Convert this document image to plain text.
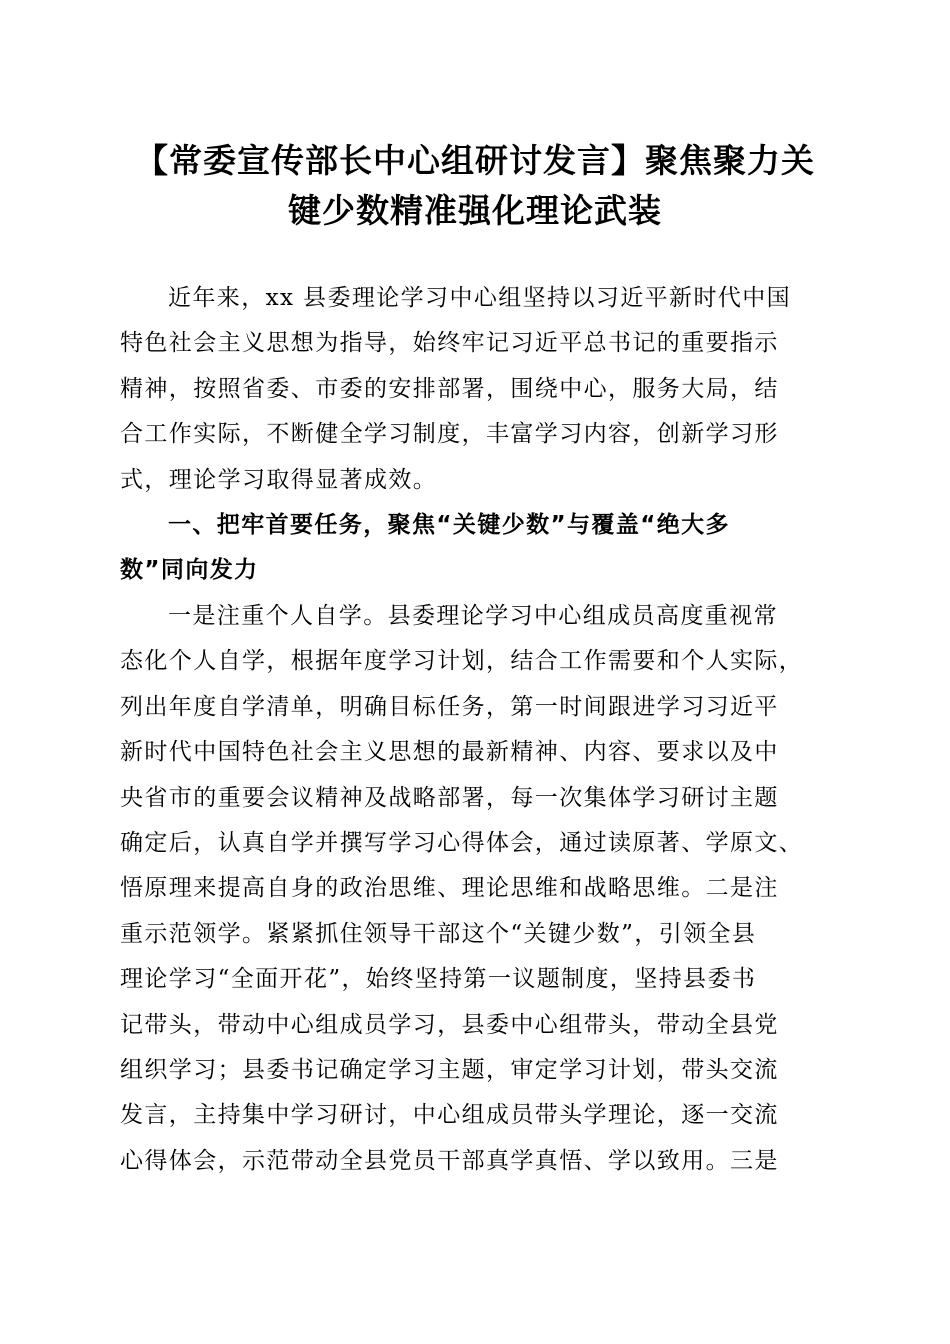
【常委宣传部长中心组研讨发言】聚焦聚力关
键少数精准强化理论武装
近年来，xx 县委理论学习中心组坚持以习近平新时代中国
特色社会主义思想为指导，始终牢记习近平总书记的重要指示
精神，按照省委、市委的安排部署，围绕中心，服务大局，结
合工作实际，不断健全学习制度，丰富学习内容，创新学习形
式，理论学习取得显著成效。
一、把牢首要任务，聚焦“关键少数”与覆盖“绝大多
数”同向发力
一是注重个人自学。县委理论学习中心组成员高度重视常
态化个人自学，根据年度学习计划，结合工作需要和个人实际，
列出年度自学清单，明确目标任务，第一时间跟进学习习近平
新时代中国特色社会主义思想的最新精神、内容、要求以及中
央省市的重要会议精神及战略部署，每一次集体学习研讨主题
确定后，认真自学并撰写学习心得体会，通过读原著、学原文、
悟原理来提高自身的政治思维、理论思维和战略思维。二是注
重示范领学。紧紧抓住领导干部这个“关键少数”，引领全县
理论学习“全面开花”，始终坚持第一议题制度，坚持县委书
记带头，带动中心组成员学习，县委中心组带头，带动全县党
组织学习；县委书记确定学习主题，审定学习计划，带头交流
发言，主持集中学习研讨，中心组成员带头学理论，逐一交流
心得体会，示范带动全县党员干部真学真悟、学以致用。三是
